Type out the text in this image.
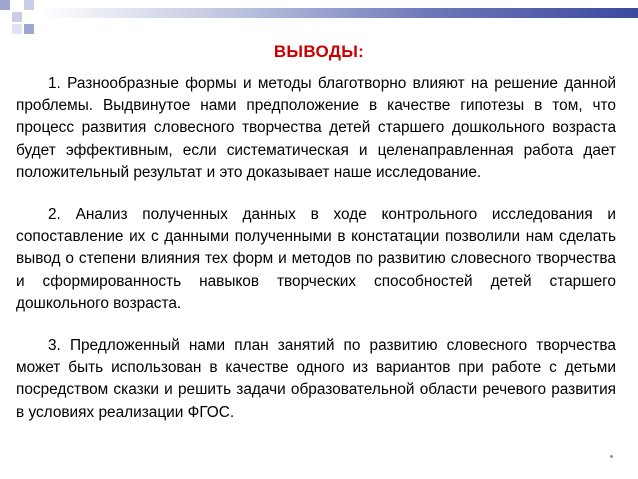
ВЫВОДЫ:

1. Разнообразные формы и методы благотворно влияют на решение данной проблемы. Выдвинутое нами предположение в качестве гипотезы в том, что процесс развития словесного творчества детей старшего дошкольного возраста будет эффективным, если систематическая и целенаправленная работа дает положительный результат и это доказывает наше исследование.

2. Анализ полученных данных в ходе контрольного исследования и сопоставление их с данными полученными в констатации позволили нам сделать вывод о степени влияния тех форм и методов по развитию словесного творчества и сформированность навыков творческих способностей детей старшего дошкольного возраста.

3. Предложенный нами план занятий по развитию словесного творчества может быть использован в качестве одного из вариантов при работе с детьми посредством сказки и решить задачи образовательной области речевого развития в условиях реализации ФГОС.
